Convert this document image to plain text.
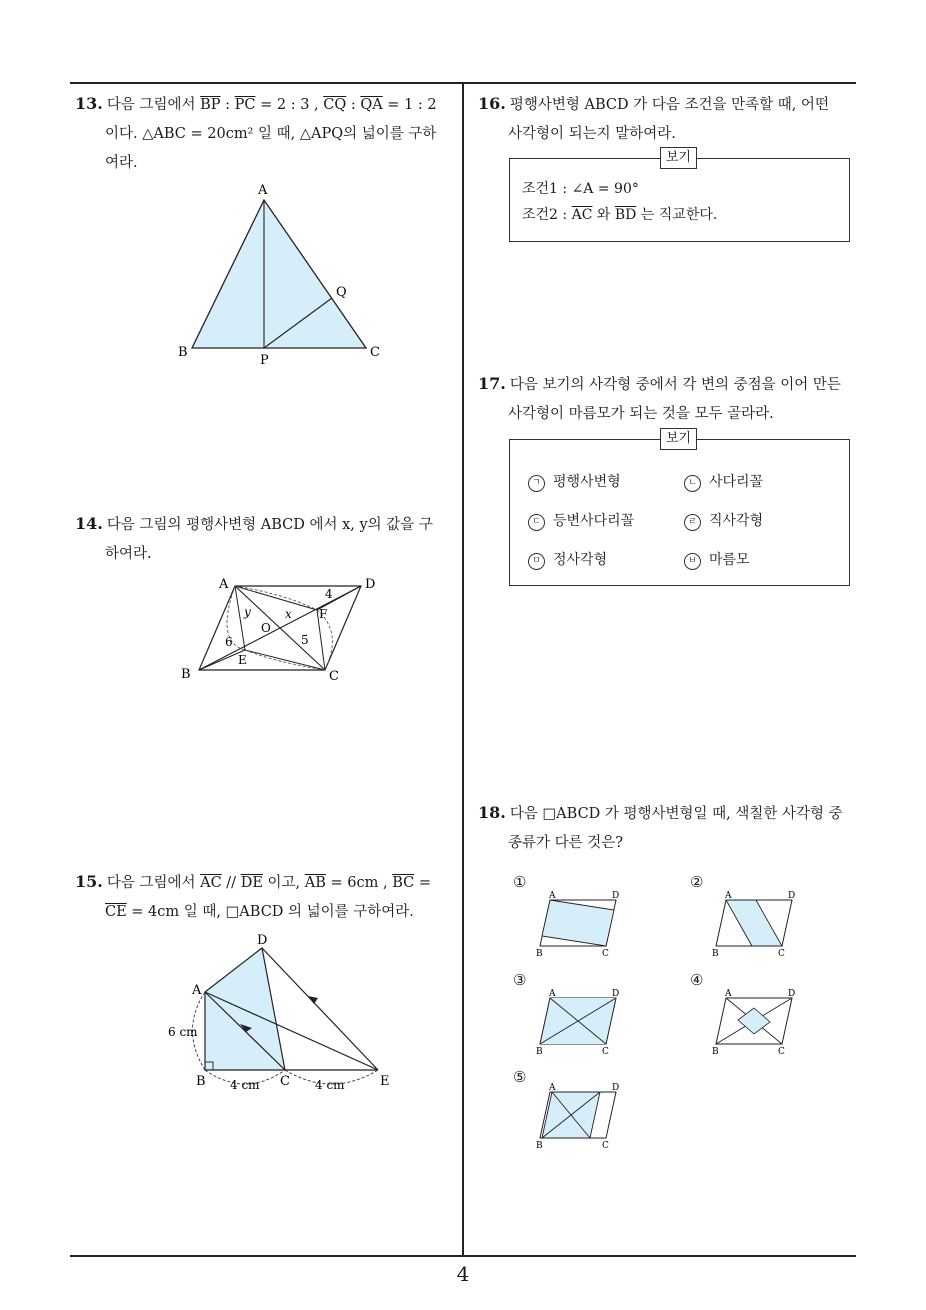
13. 다음 그림에서 $\overline{BP}$ : $\overline{PC} = 2$ : 3 , $\overline{CQ}$ : $\overline{QA} = 1$ : 2
이다. △ABC = 20cm² 일 때, △APQ의 넓이를 구하
여라.
A
Q
B
P
C
14. 다음 그림의 평행사변형 ABCD 에서 x, y의 값을 구
하여라.
A	D
B	C
E
F
O
x
y
4
5
6
15. 다음 그림에서 $\overline{AC} // \overline{DE}$ 이고, $\overline{AB} = 6cm$ , $\overline{BC}$ =
$\overline{CE} = 4cm$ 일 때, □ABCD 의 넓이를 구하여라.
D
A
6 cm
B	C	E
4 cm	4 cm
16. 평행사변형 ABCD 가 다음 조건을 만족할 때, 어떤
사각형이 되는지 말하여라.
보기
조건1 : ∠A = 90°
조건2 : $\overline{AC}$ 와 $\overline{BD}$ 는 직교한다.
17. 다음 보기의 사각형 중에서 각 변의 중점을 이어 만든
사각형이 마름모가 되는 것을 모두 골라라.
보기
ㄱ 평행사변형	ㄴ 사다리꼴
ㄷ 등변사다리꼴	ㄹ 직사각형
ㅁ 정사각형	ㅂ 마름모
18. 다음 □ABCD 가 평행사변형일 때, 색칠한 사각형 중
종류가 다른 것은?
①
A	D
B	C
②
A	D
B	C
③
A	D
B	C
④
A	D
B	C
⑤
A	D
B	C
4
